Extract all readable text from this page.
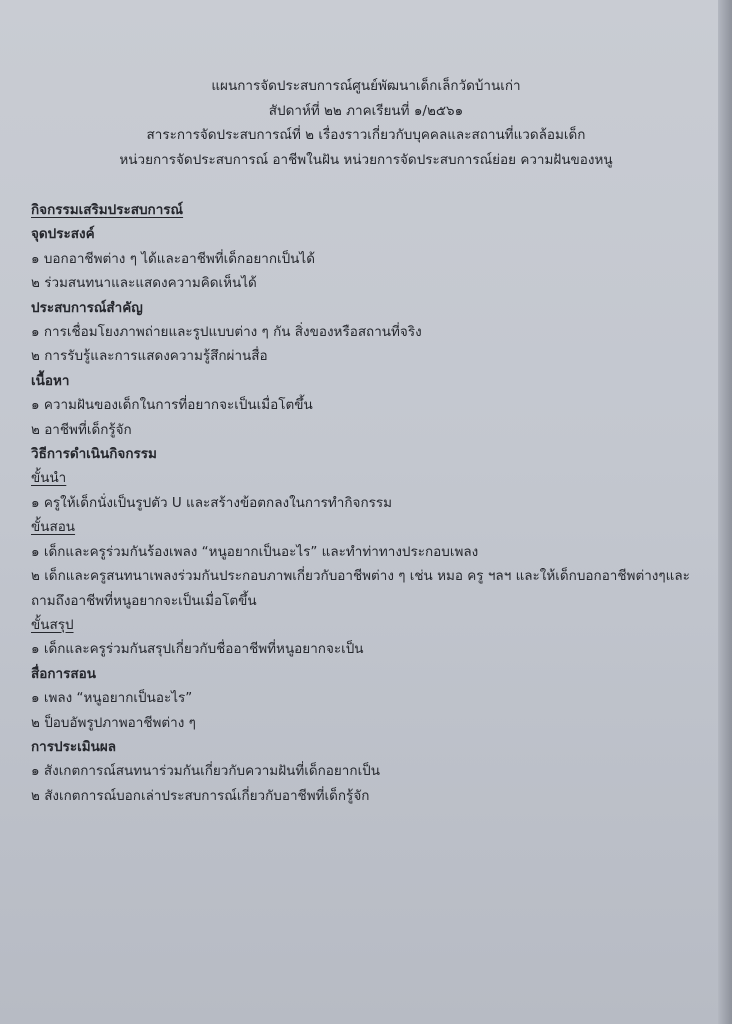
แผนการจัดประสบการณ์ศูนย์พัฒนาเด็กเล็กวัดบ้านเก่า
สัปดาห์ที่ ๒๒ ภาคเรียนที่ ๑/๒๕๖๑
สาระการจัดประสบการณ์ที่ ๒ เรื่องราวเกี่ยวกับบุคคลและสถานที่แวดล้อมเด็ก
หน่วยการจัดประสบการณ์ อาชีพในฝัน หน่วยการจัดประสบการณ์ย่อย ความฝันของหนู
กิจกรรมเสริมประสบการณ์
จุดประสงค์
๑ บอกอาชีพต่าง ๆ ได้และอาชีพที่เด็กอยากเป็นได้
๒ ร่วมสนทนาและแสดงความคิดเห็นได้
ประสบการณ์สำคัญ
๑ การเชื่อมโยงภาพถ่ายและรูปแบบต่าง ๆ กัน สิ่งของหรือสถานที่จริง
๒ การรับรู้และการแสดงความรู้สึกผ่านสื่อ
เนื้อหา
๑ ความฝันของเด็กในการที่อยากจะเป็นเมื่อโตขึ้น
๒ อาชีพที่เด็กรู้จัก
วิธีการดำเนินกิจกรรม
ขั้นนำ
๑ ครูให้เด็กนั่งเป็นรูปตัว U และสร้างข้อตกลงในการทำกิจกรรม
ขั้นสอน
๑ เด็กและครูร่วมกันร้องเพลง “หนูอยากเป็นอะไร” และทำท่าทางประกอบเพลง
๒ เด็กและครูสนทนาเพลงร่วมกันประกอบภาพเกี่ยวกับอาชีพต่าง ๆ เช่น หมอ ครู ฯลฯ และให้เด็กบอกอาชีพต่างๆและถามถึงอาชีพที่หนูอยากจะเป็นเมื่อโตขึ้น
ขั้นสรุป
๑ เด็กและครูร่วมกันสรุปเกี่ยวกับชื่ออาชีพที่หนูอยากจะเป็น
สื่อการสอน
๑ เพลง “หนูอยากเป็นอะไร”
๒ ป็อบอัพรูปภาพอาชีพต่าง ๆ
การประเมินผล
๑ สังเกตการณ์สนทนาร่วมกันเกี่ยวกับความฝันที่เด็กอยากเป็น
๒ สังเกตการณ์บอกเล่าประสบการณ์เกี่ยวกับอาชีพที่เด็กรู้จัก
